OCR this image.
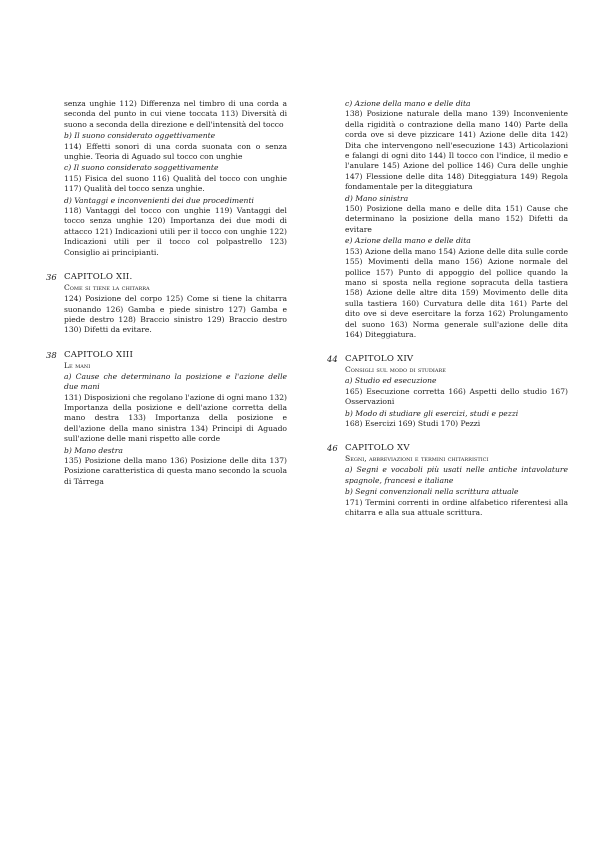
senza unghie 112) Differenza nel timbro di una corda a seconda del punto in cui viene toccata 113) Diversità di suono a seconda della direzione e dell'intensità del tocco

b) Il suono considerato oggettivamente
114) Effetti sonori di una corda suonata con o senza unghie. Teoria di Aguado sul tocco con unghie

c) Il suono considerato soggettivamente
115) Fisica del suono 116) Qualità del tocco con unghie 117) Qualità del tocco senza unghie.

d) Vantaggi e inconvenienti dei due procedimenti
118) Vantaggi del tocco con unghie 119) Vantaggi del tocco senza unghie 120) Importanza dei due modi di attacco 121) Indicazioni utili per il tocco con unghie 122) Indicazioni utili per il tocco col polpastrello 123) Consiglio ai principianti.

36 CAPITOLO XII.
Come si tiene la chitarra

124) Posizione del corpo 125) Come si tiene la chitarra suonando 126) Gamba e piede sinistro 127) Gamba e piede destro 128) Braccio sinistro 129) Braccio destro 130) Difetti da evitare.

38 CAPITOLO XIII
Le mani

a) Cause che determinano la posizione e l'azione delle due mani
131) Disposizioni che regolano l'azione di ogni mano 132) Importanza della posizione e dell'azione corretta della mano destra 133) Importanza della posizione e dell'azione della mano sinistra 134) Principi di Aguado sull'azione delle mani rispetto alle corde

b) Mano destra
135) Posizione della mano 136) Posizione delle dita 137) Posizione caratteristica di questa mano secondo la scuola di Tárrega

c) Azione della mano e delle dita
138) Posizione naturale della mano 139) Inconveniente della rigidità o contrazione della mano 140) Parte della corda ove si deve pizzicare 141) Azione delle dita 142) Dita che intervengono nell'esecuzione 143) Articolazioni e falangi di ogni dito 144) Il tocco con l'indice, il medio e l'anulare 145) Azione del pollice 146) Cura delle unghie 147) Flessione delle dita 148) Diteggiatura 149) Regola fondamentale per la diteggiatura

d) Mano sinistra
150) Posizione della mano e delle dita 151) Cause che determinano la posizione della mano 152) Difetti da evitare

e) Azione della mano e delle dita
153) Azione della mano 154) Azione delle dita sulle corde 155) Movimenti della mano 156) Azione normale del pollice 157) Punto di appoggio del pollice quando la mano si sposta nella regione sopracuta della tastiera 158) Azione delle altre dita 159) Movimento delle dita sulla tastiera 160) Curvatura delle dita 161) Parte del dito ove si deve esercitare la forza 162) Prolungamento del suono 163) Norma generale sull'azione delle dita 164) Diteggiatura.

44 CAPITOLO XIV
Consigli sul modo di studiare

a) Studio ed esecuzione
165) Esecuzione corretta 166) Aspetti dello studio 167) Osservazioni

b) Modo di studiare gli esercizi, studi e pezzi
168) Esercizi 169) Studi 170) Pezzi

46 CAPITOLO XV
Segni, abbreviazioni e termini chitarristici

a) Segni e vocaboli più usati nelle antiche intavolature spagnole, francesi e italiane

b) Segni convenzionali nella scrittura attuale
171) Termini correnti in ordine alfabetico riferentesi alla chitarra e alla sua attuale scrittura.
